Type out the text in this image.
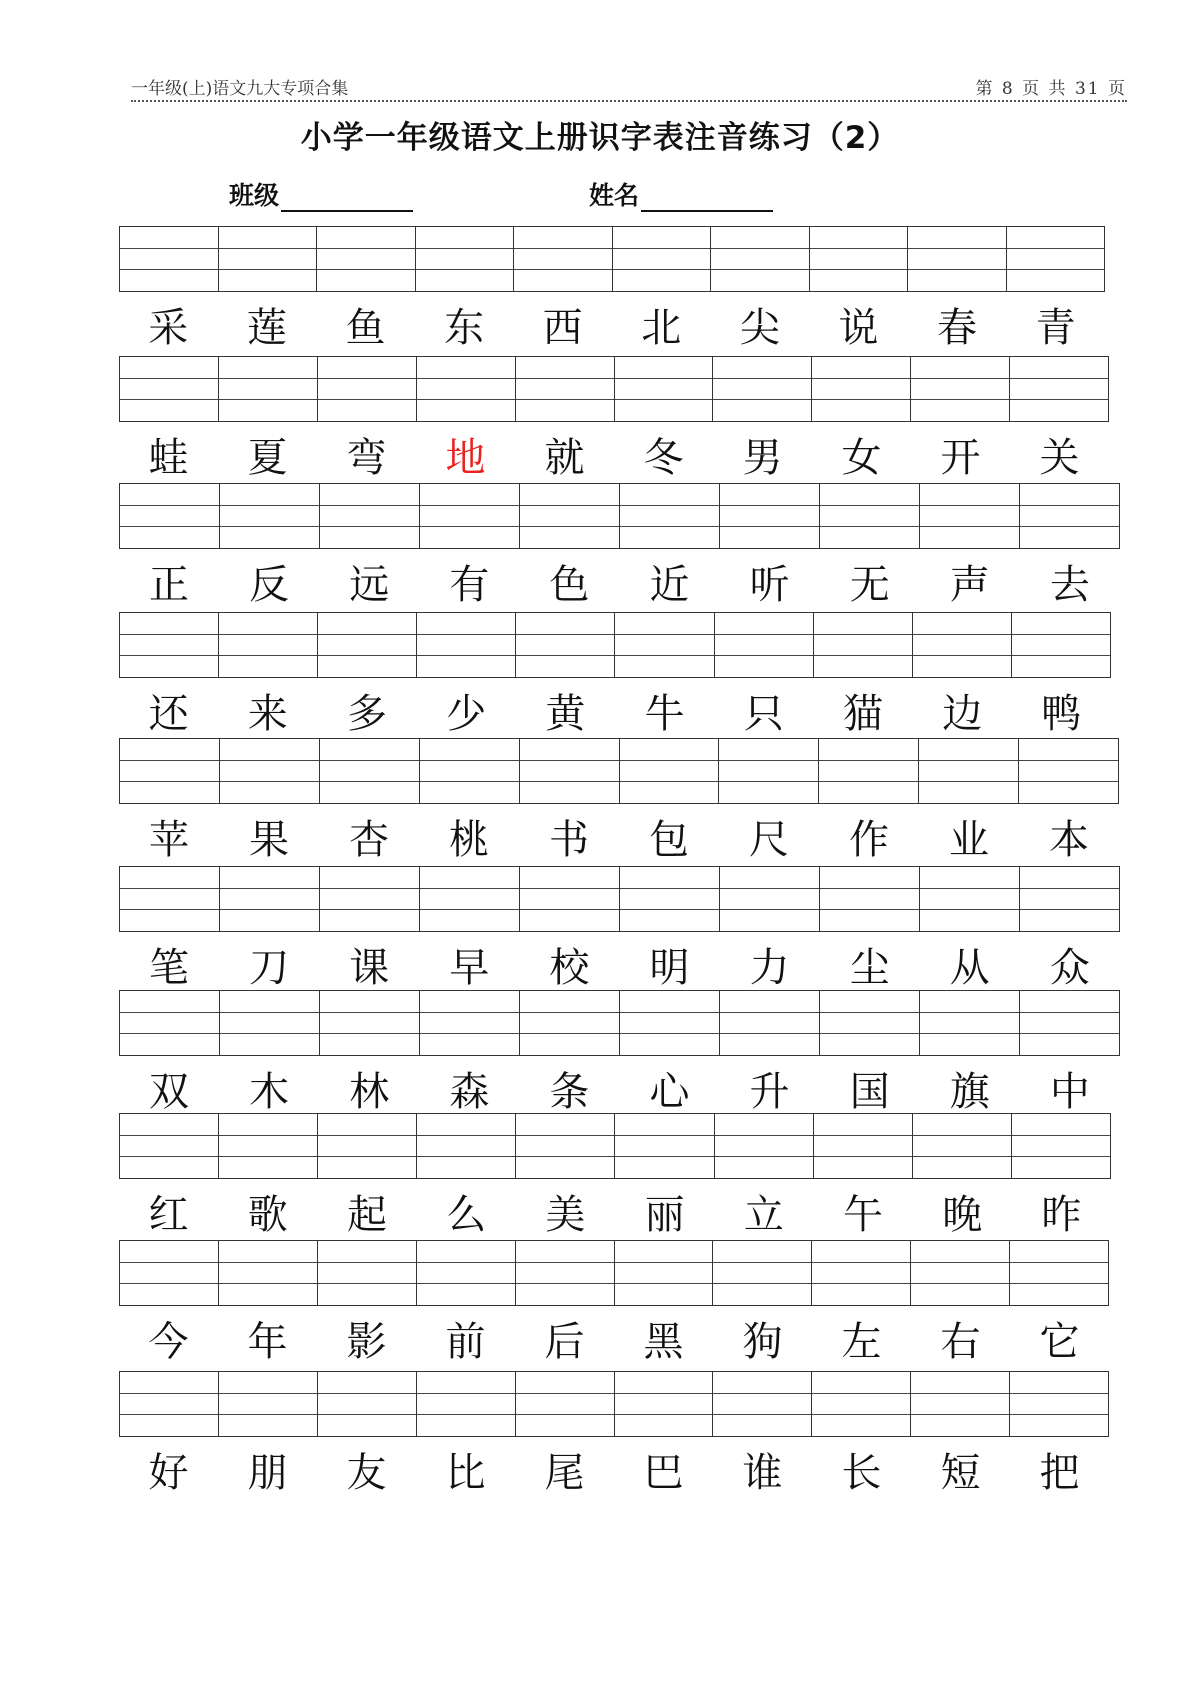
一年级(上)语文九大专项合集	第 8 页 共 31 页
小学一年级语文上册识字表注音练习（2）
班级	姓名
采	莲	鱼	东	西	北	尖	说	春	青
蛙	夏	弯	地	就	冬	男	女	开	关
正	反	远	有	色	近	听	无	声	去
还	来	多	少	黄	牛	只	猫	边	鸭
苹	果	杏	桃	书	包	尺	作	业	本
笔	刀	课	早	校	明	力	尘	从	众
双	木	林	森	条	心	升	国	旗	中
红	歌	起	么	美	丽	立	午	晚	昨
今	年	影	前	后	黑	狗	左	右	它
好	朋	友	比	尾	巴	谁	长	短	把
